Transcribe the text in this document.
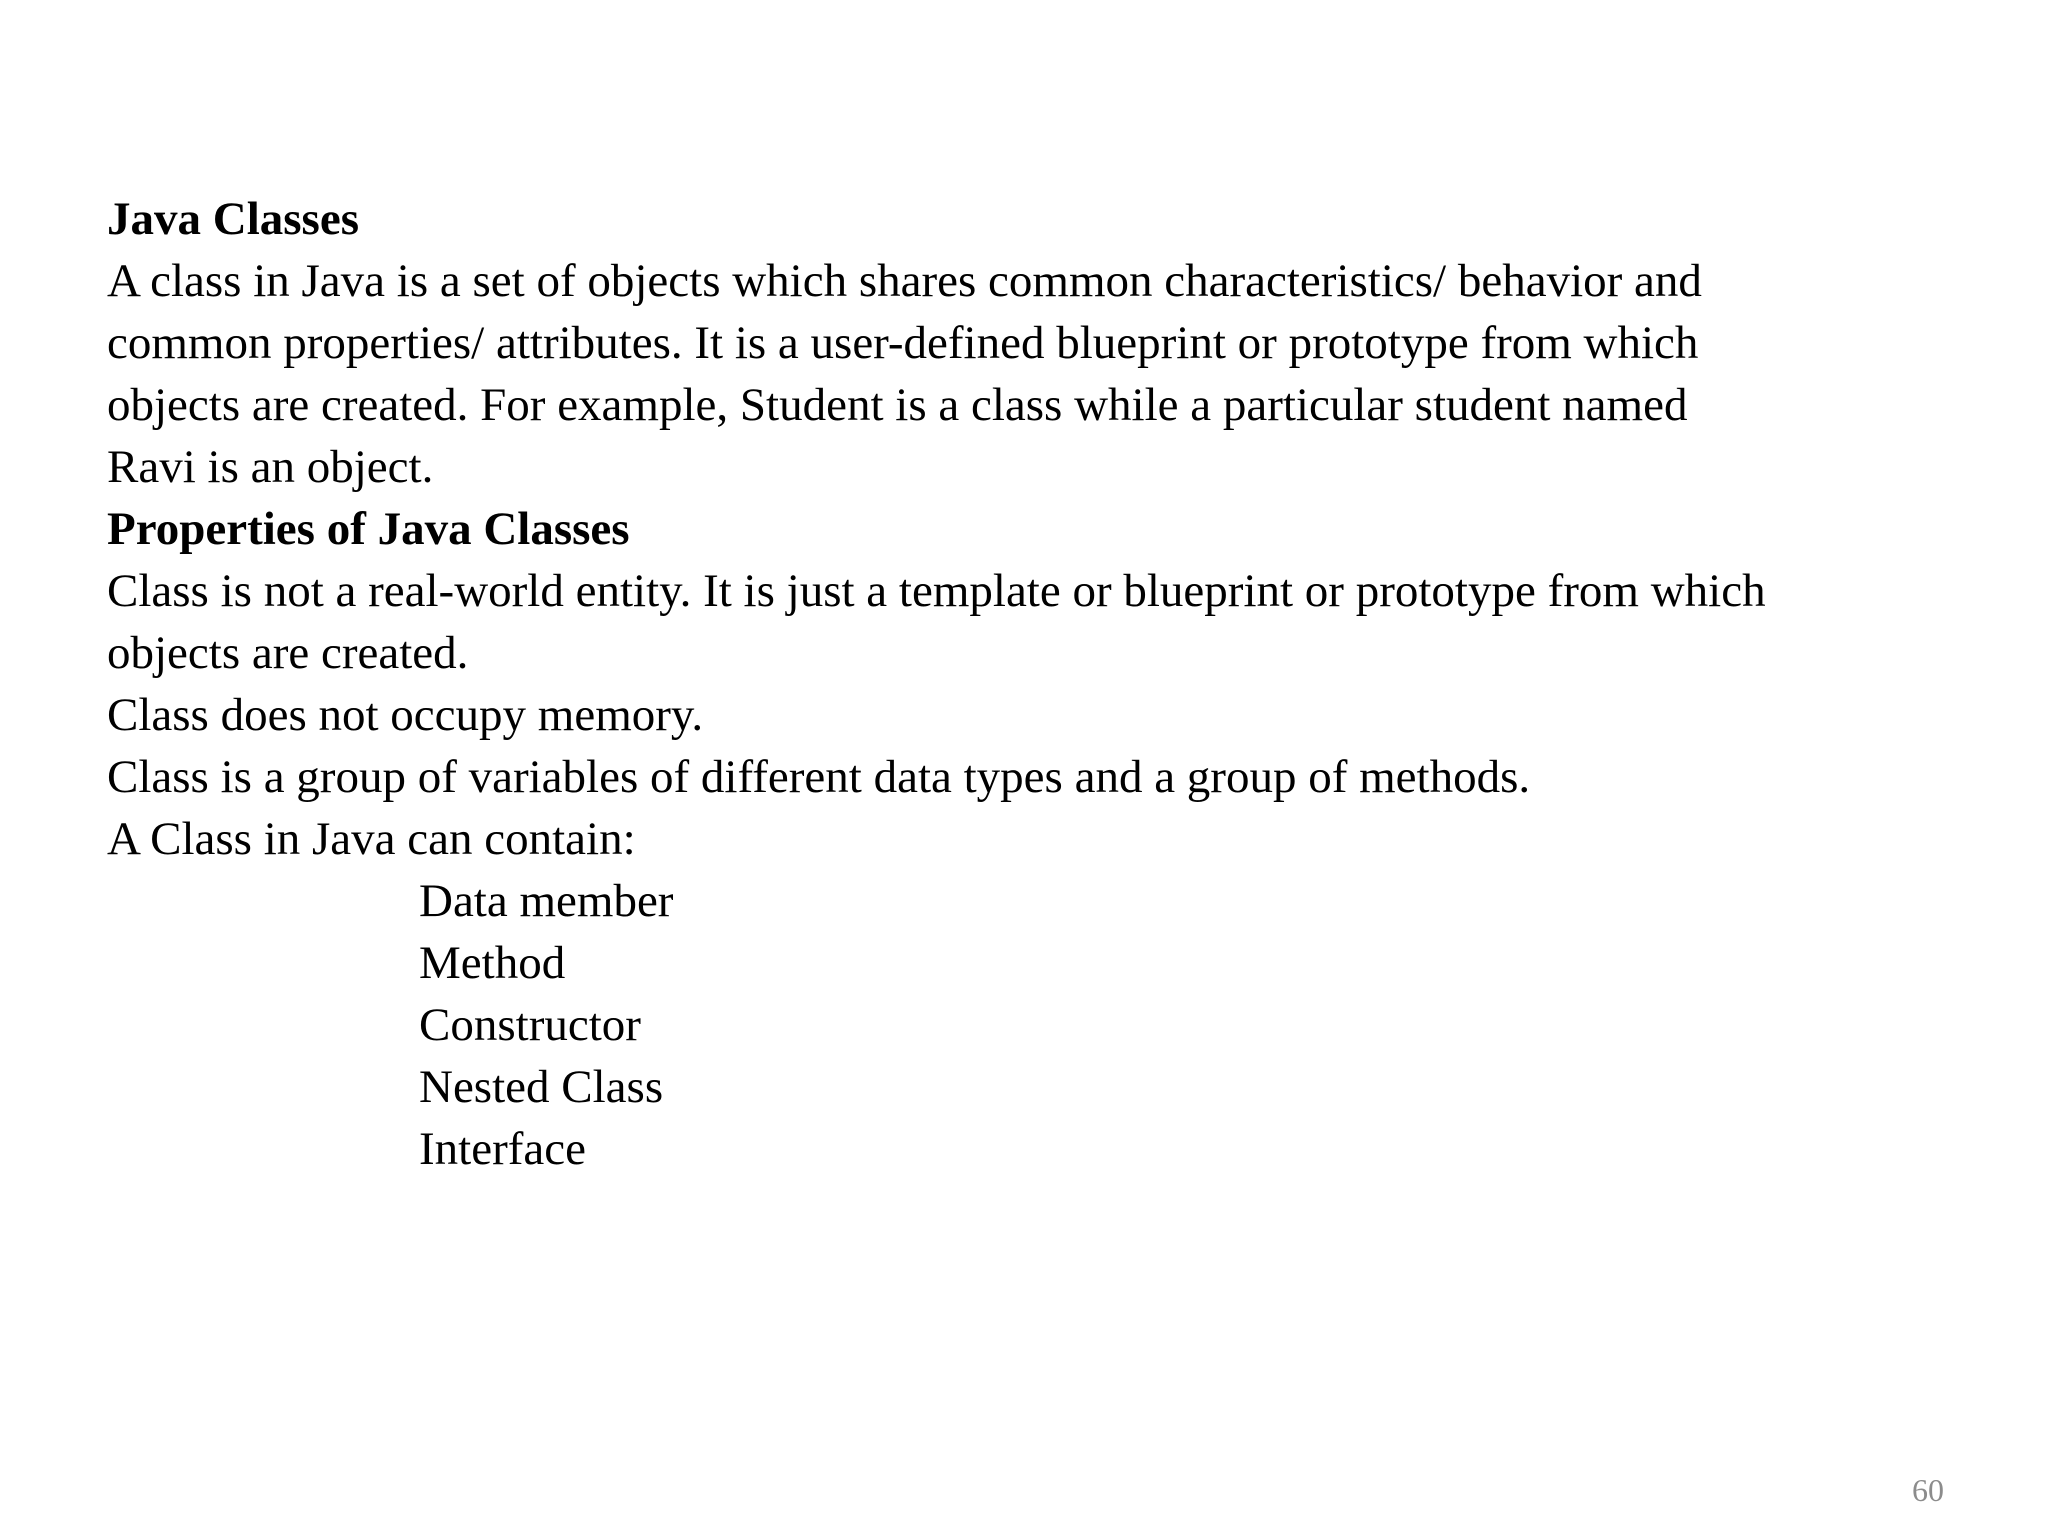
Java Classes
A class in Java is a set of objects which shares common characteristics/ behavior and
common properties/ attributes. It is a user-defined blueprint or prototype from which
objects are created. For example, Student is a class while a particular student named
Ravi is an object.
Properties of Java Classes
Class is not a real-world entity. It is just a template or blueprint or prototype from which
objects are created.
Class does not occupy memory.
Class is a group of variables of different data types and a group of methods.
A Class in Java can contain:
Data member
Method
Constructor
Nested Class
Interface
60
